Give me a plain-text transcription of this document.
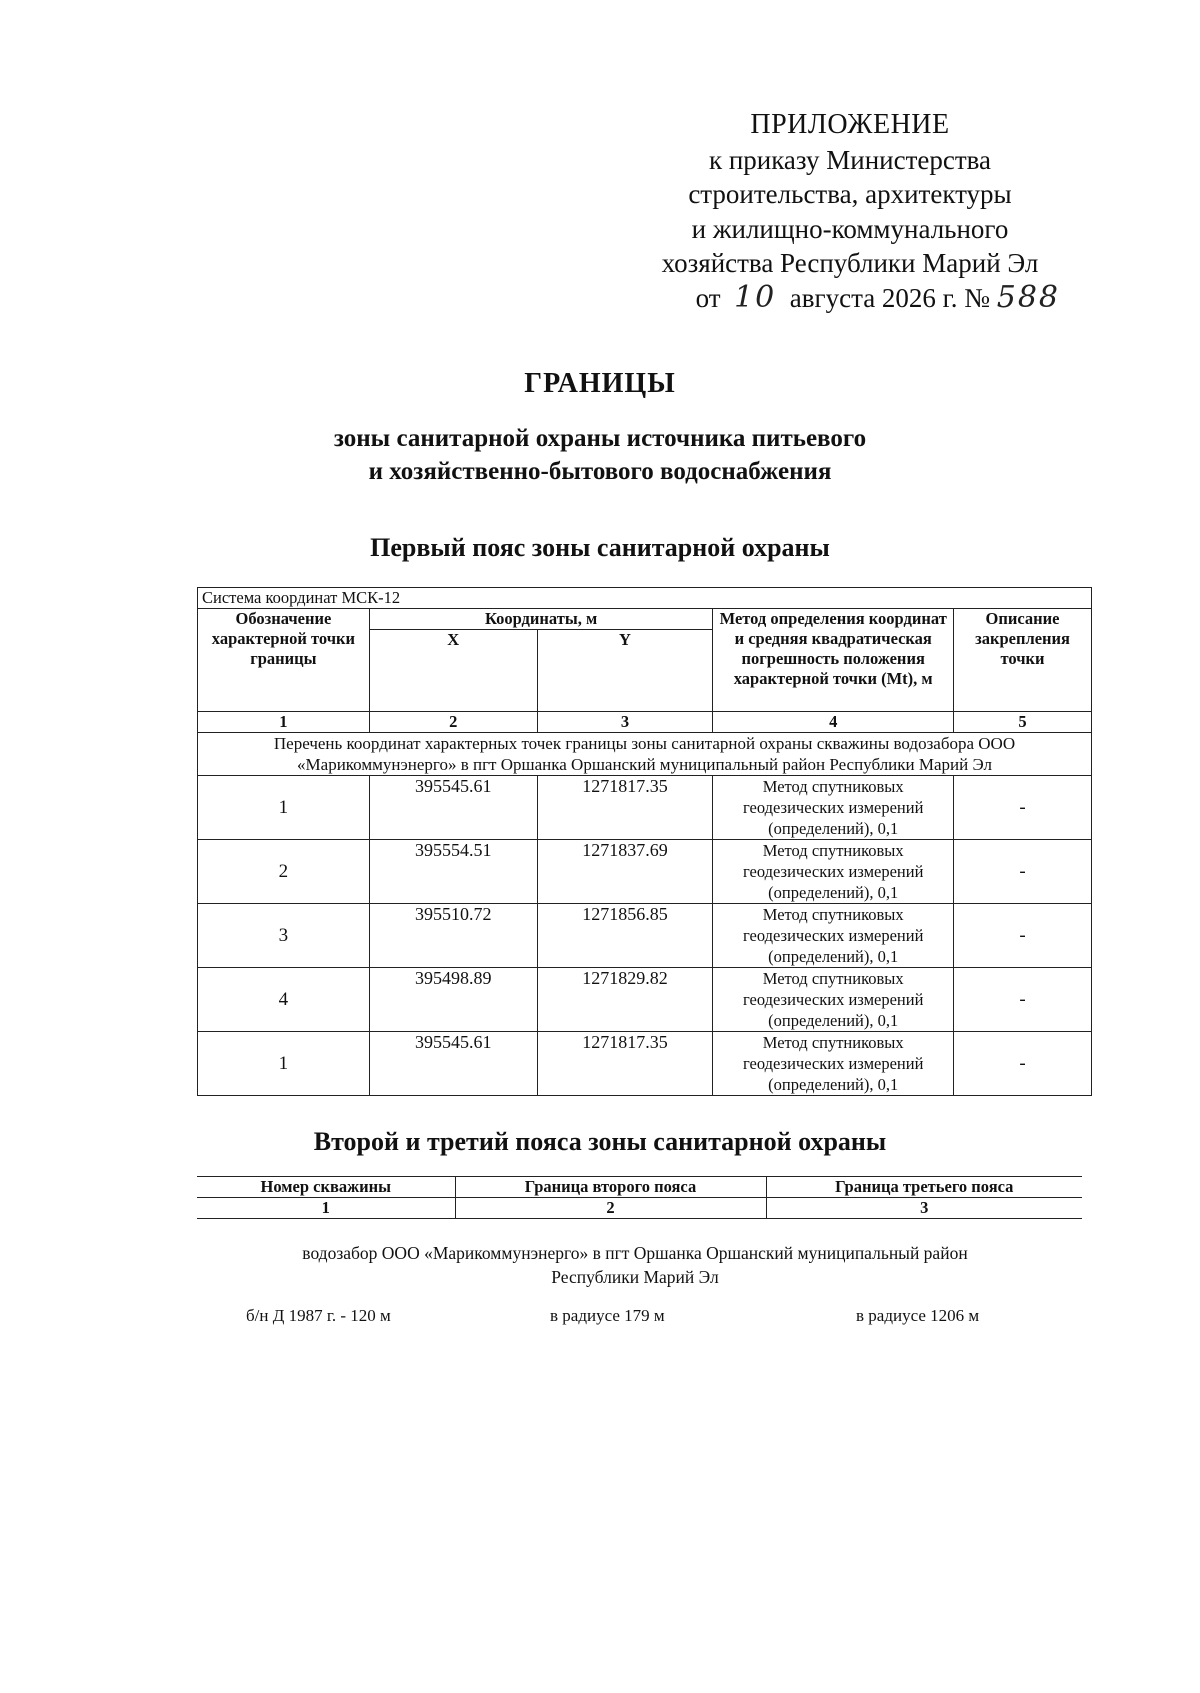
ПРИЛОЖЕНИЕ
к приказу Министерства
строительства, архитектуры
и жилищно-коммунального
хозяйства Республики Марий Эл
от 10 августа 2026 г. № 588
ГРАНИЦЫ
зоны санитарной охраны источника питьевого
и хозяйственно-бытового водоснабжения
Первый пояс зоны санитарной охраны
Система координат МСК-12				
Обозначение характерной точки границы	Координаты, м		Метод определения координат и средняя квадратическая погрешность положения характерной точки (Mt), м	Описание закрепления точки
	X	Y		
1	2	3	4	5
Перечень координат характерных точек границы зоны санитарной охраны скважины водозабора ООО «Марикоммунэнерго» в пгт Оршанка Оршанский муниципальный район Республики Марий Эл				
1	395545.61	1271817.35	Метод спутниковых геодезических измерений (определений), 0,1	-
2	395554.51	1271837.69	Метод спутниковых геодезических измерений (определений), 0,1	-
3	395510.72	1271856.85	Метод спутниковых геодезических измерений (определений), 0,1	-
4	395498.89	1271829.82	Метод спутниковых геодезических измерений (определений), 0,1	-
1	395545.61	1271817.35	Метод спутниковых геодезических измерений (определений), 0,1	-
Второй и третий пояса зоны санитарной охраны
Номер скважины	Граница второго пояса	Граница третьего пояса
1	2	3
водозабор ООО «Марикоммунэнерго» в пгт Оршанка Оршанский муниципальный район
Республики Марий Эл
б/н Д 1987 г. - 120 м	в радиусе 179 м	в радиусе 1206 м
